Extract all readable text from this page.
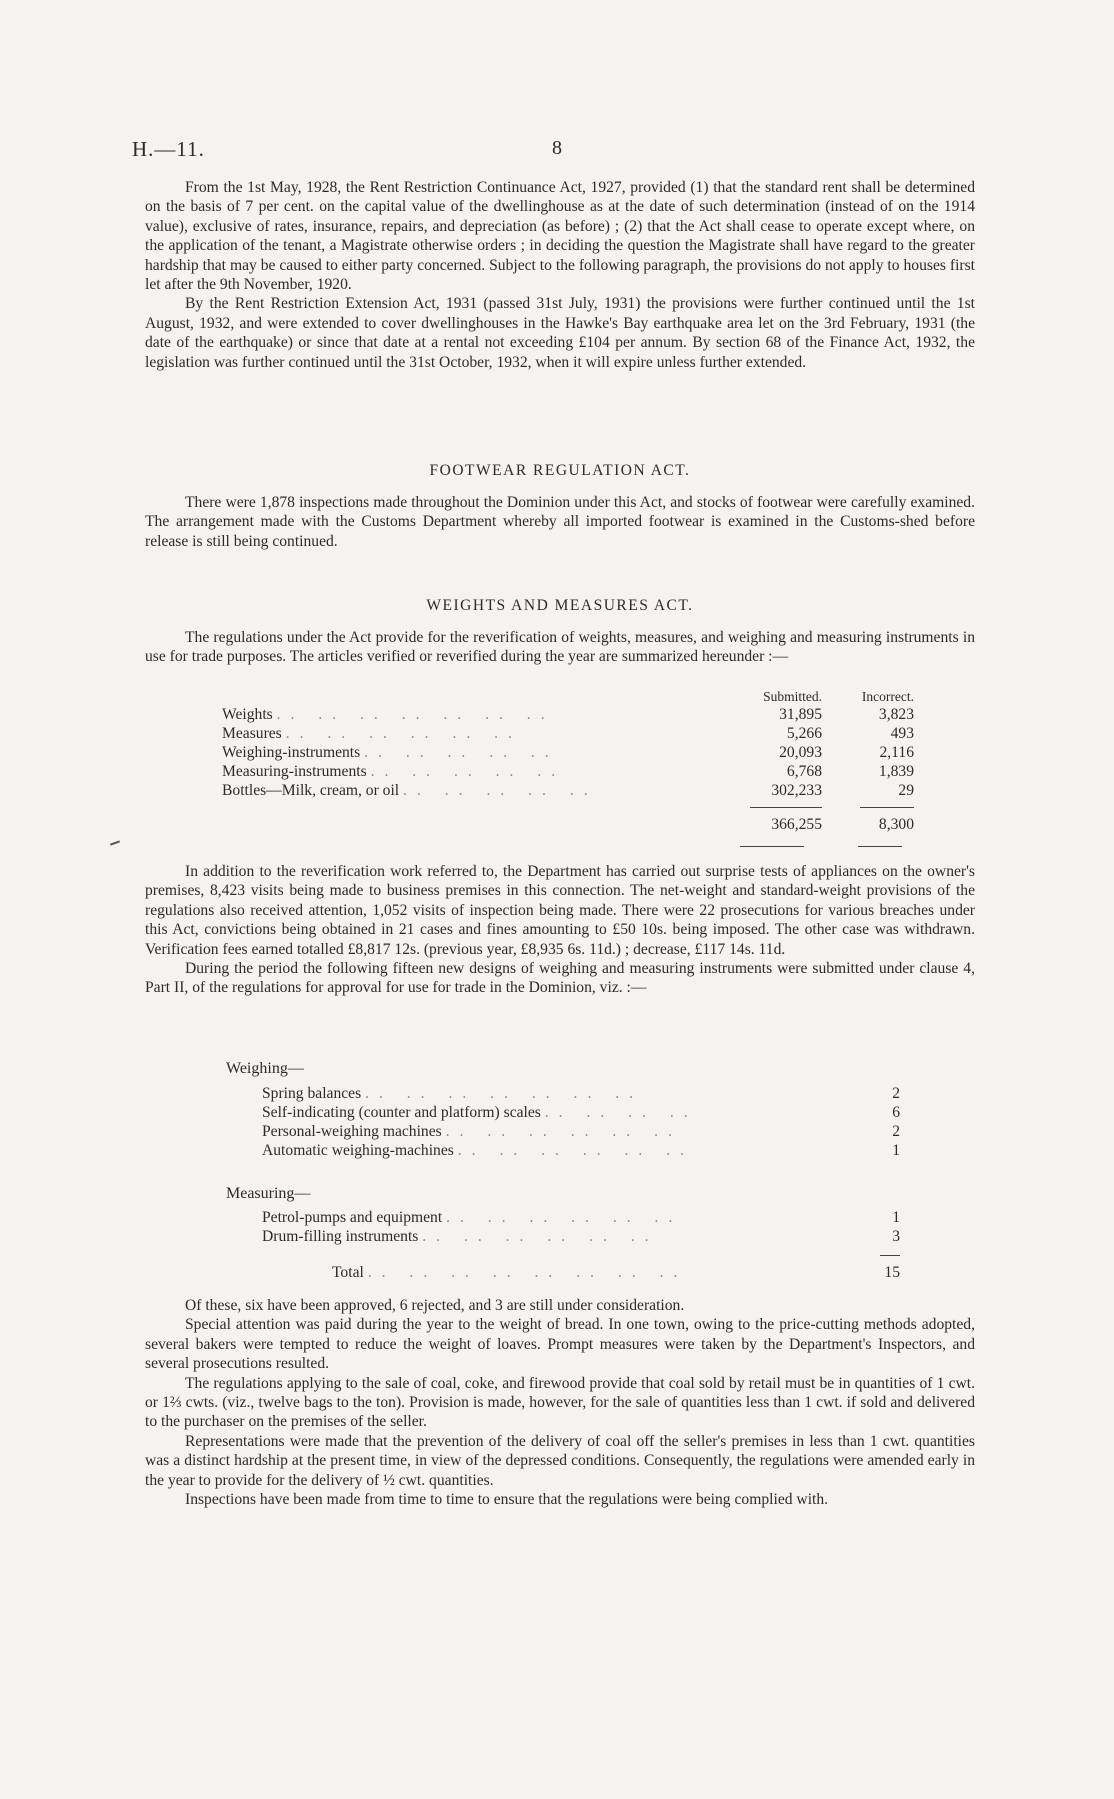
H.—11.	8

From the 1st May, 1928, the Rent Restriction Continuance Act, 1927, provided (1) that the standard rent shall be determined on the basis of 7 per cent. on the capital value of the dwellinghouse as at the date of such determination (instead of on the 1914 value), exclusive of rates, insurance, repairs, and depreciation (as before) ; (2) that the Act shall cease to operate except where, on the application of the tenant, a Magistrate otherwise orders ; in deciding the question the Magistrate shall have regard to the greater hardship that may be caused to either party concerned. Subject to the following paragraph, the provisions do not apply to houses first let after the 9th November, 1920.

By the Rent Restriction Extension Act, 1931 (passed 31st July, 1931) the provisions were further continued until the 1st August, 1932, and were extended to cover dwellinghouses in the Hawke's Bay earthquake area let on the 3rd February, 1931 (the date of the earthquake) or since that date at a rental not exceeding £104 per annum. By section 68 of the Finance Act, 1932, the legislation was further continued until the 31st October, 1932, when it will expire unless further extended.

FOOTWEAR REGULATION ACT.

There were 1,878 inspections made throughout the Dominion under this Act, and stocks of footwear were carefully examined. The arrangement made with the Customs Department whereby all imported footwear is examined in the Customs-shed before release is still being continued.

WEIGHTS AND MEASURES ACT.

The regulations under the Act provide for the reverification of weights, measures, and weighing and measuring instruments in use for trade purposes. The articles verified or reverified during the year are summarized hereunder :—

	Submitted.	Incorrect.
Weights .. .. .. .. .. .. ..	31,895	3,823
Measures .. .. .. .. .. ..	5,266	493
Weighing-instruments .. .. .. .. ..	20,093	2,116
Measuring-instruments .. .. .. .. ..	6,768	1,839
Bottles—Milk, cream, or oil .. .. .. .. ..	302,233	29
	366,255	8,300

In addition to the reverification work referred to, the Department has carried out surprise tests of appliances on the owner's premises, 8,423 visits being made to business premises in this connection. The net-weight and standard-weight provisions of the regulations also received attention, 1,052 visits of inspection being made. There were 22 prosecutions for various breaches under this Act, convictions being obtained in 21 cases and fines amounting to £50 10s. being imposed. The other case was withdrawn. Verification fees earned totalled £8,817 12s. (previous year, £8,935 6s. 11d.) ; decrease, £117 14s. 11d.

During the period the following fifteen new designs of weighing and measuring instruments were submitted under clause 4, Part II, of the regulations for approval for use for trade in the Dominion, viz. :—

Weighing—
Spring balances .. .. .. .. .. .. ..	2
Self-indicating (counter and platform) scales .. .. .. ..	6
Personal-weighing machines .. .. .. .. .. ..	2
Automatic weighing-machines .. .. .. .. .. ..	1
Measuring—
Petrol-pumps and equipment .. .. .. .. .. ..	1
Drum-filling instruments .. .. .. .. .. ..	3
Total .. .. .. .. .. .. .. ..	15

Of these, six have been approved, 6 rejected, and 3 are still under consideration.

Special attention was paid during the year to the weight of bread. In one town, owing to the price-cutting methods adopted, several bakers were tempted to reduce the weight of loaves. Prompt measures were taken by the Department's Inspectors, and several prosecutions resulted.

The regulations applying to the sale of coal, coke, and firewood provide that coal sold by retail must be in quantities of 1 cwt. or 1⅔ cwts. (viz., twelve bags to the ton). Provision is made, however, for the sale of quantities less than 1 cwt. if sold and delivered to the purchaser on the premises of the seller.

Representations were made that the prevention of the delivery of coal off the seller's premises in less than 1 cwt. quantities was a distinct hardship at the present time, in view of the depressed conditions. Consequently, the regulations were amended early in the year to provide for the delivery of ½ cwt. quantities.

Inspections have been made from time to time to ensure that the regulations were being complied with.
